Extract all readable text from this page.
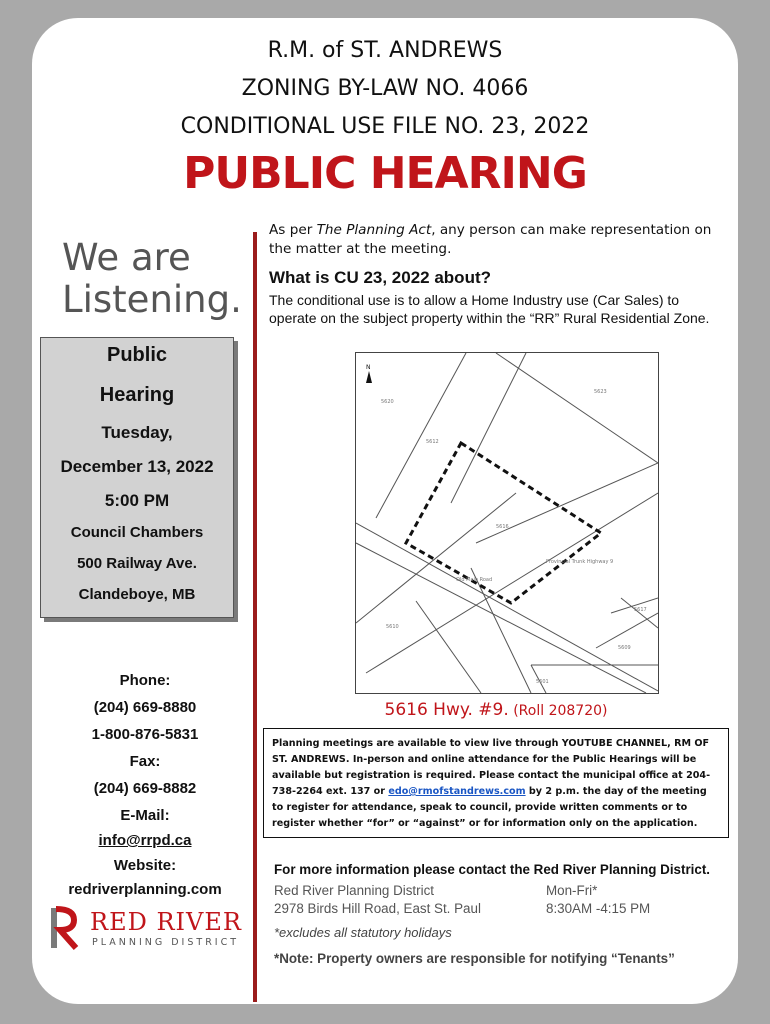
R.M. of ST. ANDREWS
ZONING BY-LAW NO. 4066
CONDITIONAL USE FILE NO. 23, 2022
PUBLIC HEARING
We are
Listening.
Public
Hearing
Tuesday,
December 13, 2022
5:00 PM
Council Chambers
500 Railway Ave.
Clandeboye, MB
Phone:
(204) 669-8880
1-800-876-5831
Fax:
(204) 669-8882
E-Mail:
info@rrpd.ca
Website:
redriverplanning.com
RED RIVER
PLANNING DISTRICT
As per The Planning Act, any person can make representation on the matter at the meeting.
What is CU 23, 2022 about?
The conditional use is to allow a Home Industry use (Car Sales) to operate on the subject property within the “RR” Rural Residential Zone.
5623
5616
5612
5620
5617
5609
5601
5610
Old Main Road
Provincial Trunk Highway 9
N
5616 Hwy. #9. (Roll 208720)
Planning meetings are available to view live through YOUTUBE CHANNEL, RM OF ST. ANDREWS. In-person and online attendance for the Public Hearings will be available but registration is required. Please contact the municipal office at 204-738-2264 ext. 137 or edo@rmofstandrews.com by 2 p.m. the day of the meeting to register for attendance, speak to council, provide written comments or to register whether “for” or “against” or for information only on the application.
For more information please contact the Red River Planning District.
Red River Planning District
2978 Birds Hill Road, East St. Paul
Mon-Fri*
8:30AM -4:15 PM
*excludes all statutory holidays
*Note: Property owners are responsible for notifying “Tenants”
